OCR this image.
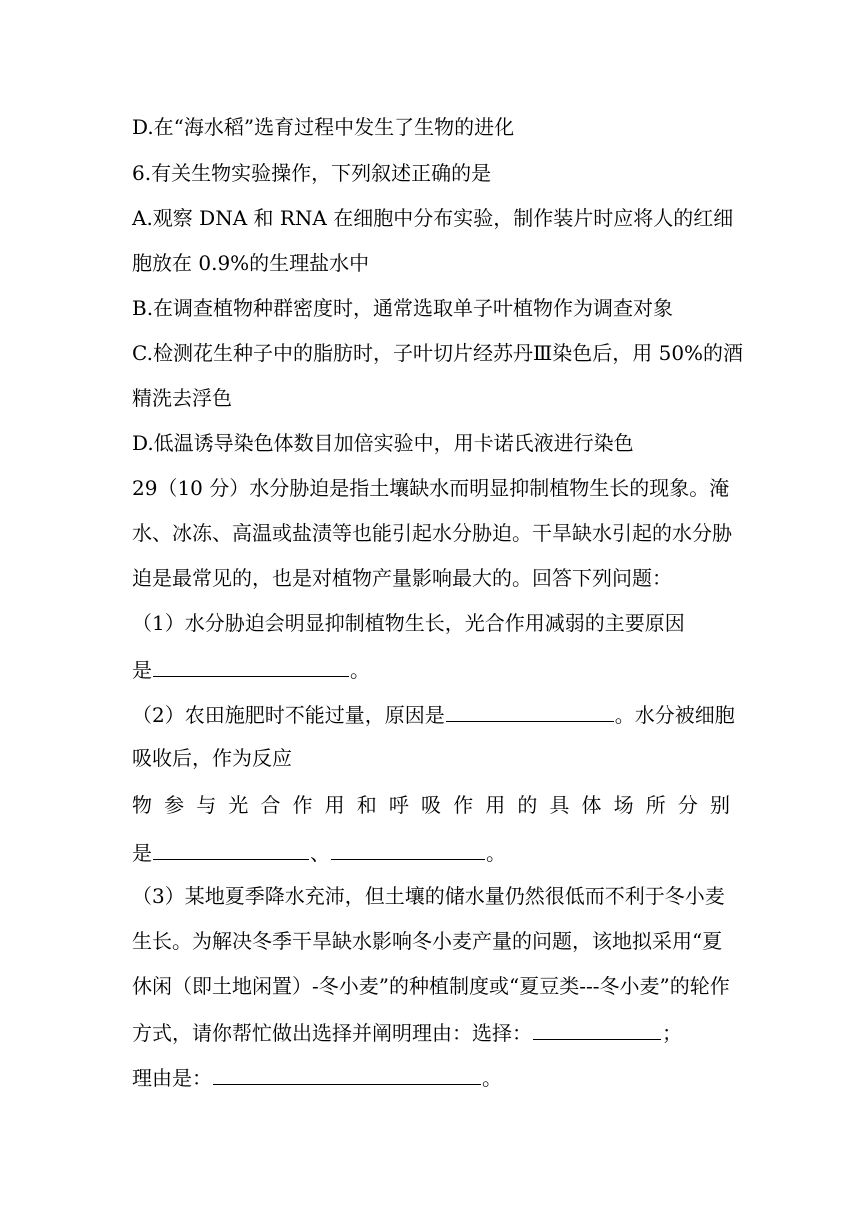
D.在“海水稻”选育过程中发生了生物的进化
6.有关生物实验操作，下列叙述正确的是
A.观察 DNA 和 RNA 在细胞中分布实验，制作装片时应将人的红细
胞放在 0.9%的生理盐水中
B.在调查植物种群密度时，通常选取单子叶植物作为调查对象
C.检测花生种子中的脂肪时，子叶切片经苏丹Ⅲ染色后，用 50%的酒
精洗去浮色
D.低温诱导染色体数目加倍实验中，用卡诺氏液进行染色
29（10 分）水分胁迫是指土壤缺水而明显抑制植物生长的现象。淹
水、冰冻、高温或盐渍等也能引起水分胁迫。干旱缺水引起的水分胁
迫是最常见的，也是对植物产量影响最大的。回答下列问题：
（1）水分胁迫会明显抑制植物生长，光合作用减弱的主要原因
是	。
（2）农田施肥时不能过量，原因是	。水分被细胞
吸收后，作为反应
物 参 与 光 合 作 用 和 呼 吸 作 用 的 具 体 场 所 分 别
是	、	。
（3）某地夏季降水充沛，但土壤的储水量仍然很低而不利于冬小麦
生长。为解决冬季干旱缺水影响冬小麦产量的问题，该地拟采用“夏
休闲（即土地闲置）-冬小麦”的种植制度或“夏豆类---冬小麦”的轮作
方式，请你帮忙做出选择并阐明理由：选择：	；
理由是：	。
